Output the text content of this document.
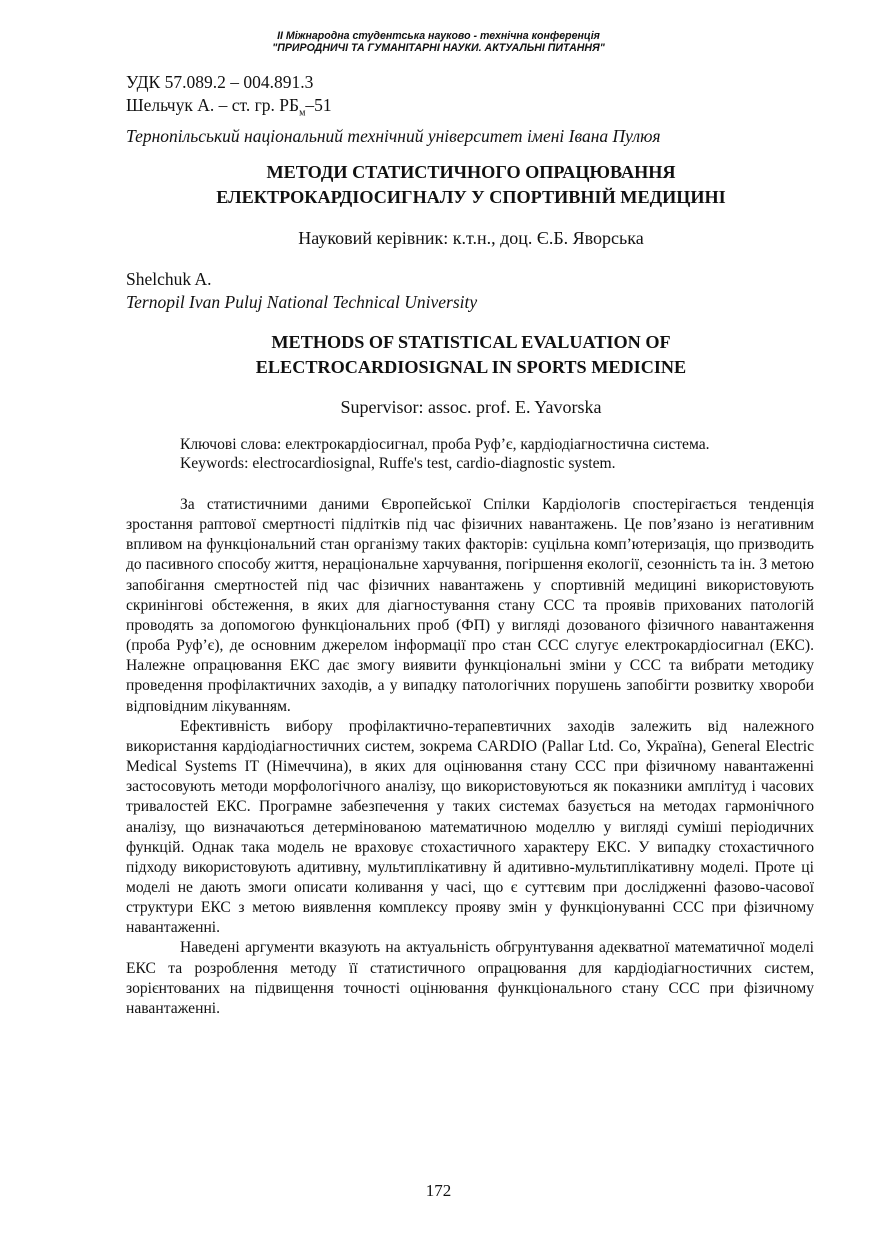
II Міжнародна студентська науково - технічна конференція
"ПРИРОДНИЧІ ТА ГУМАНІТАРНІ НАУКИ. АКТУАЛЬНІ ПИТАННЯ"
УДК 57.089.2 – 004.891.3
Шельчук А. – ст. гр. $РБ_м-51$
Тернопільський національний технічний університет імені Івана Пулюя
МЕТОДИ СТАТИСТИЧНОГО ОПРАЦЮВАННЯ
ЕЛЕКТРОКАРДІОСИГНАЛУ У СПОРТИВНІЙ МЕДИЦИНІ
Науковий керівник: к.т.н., доц. Є.Б. Яворська
Shelchuk A.
Ternopil Ivan Puluj National Technical University
METHODS OF STATISTICAL EVALUATION OF
ELECTROCARDIOSIGNAL IN SPORTS MEDICINE
Supervisor: assoc. prof. E. Yavorska
Ключові слова: електрокардіосигнал, проба Руф’є, кардіодіагностична система.
Keywords: electrocardiosignal, Ruffe's test, cardio-diagnostic system.

За статистичними даними Європейської Спілки Кардіологів спостерігається тенденція зростання раптової смертності підлітків під час фізичних навантажень. Це пов’язано із негативним впливом на функціональний стан організму таких факторів: суцільна комп’ютеризація, що призводить до пасивного способу життя, нераціональне харчування, погіршення екології, сезонність та ін. З метою запобігання смертностей під час фізичних навантажень у спортивній медицині використовують скринінгові обстеження, в яких для діагностування стану ССС та проявів прихованих патологій проводять за допомогою функціональних проб (ФП) у вигляді дозованого фізичного навантаження (проба Руф’є), де основним джерелом інформації про стан ССС слугує електрокардіосигнал (ЕКС). Належне опрацювання ЕКС дає змогу виявити функціональні зміни у ССС та вибрати методику проведення профілактичних заходів, а у випадку патологічних порушень запобігти розвитку хвороби відповідним лікуванням.

Ефективність вибору профілактично-терапевтичних заходів залежить від належного використання кардіодіагностичних систем, зокрема CARDIO (Pallar Ltd. Co, Україна), General Electric Medical Systems IT (Німеччина), в яких для оцінювання стану ССС при фізичному навантаженні застосовують методи морфологічного аналізу, що використовуються як показники амплітуд і часових тривалостей ЕКС. Програмне забезпечення у таких системах базується на методах гармонічного аналізу, що визначаються детермінованою математичною моделлю у вигляді суміші періодичних функцій. Однак така модель не враховує стохастичного характеру ЕКС. У випадку стохастичного підходу використовують адитивну, мультиплікативну й адитивно-мультиплікативну моделі. Проте ці моделі не дають змоги описати коливання у часі, що є суттєвим при дослідженні фазово-часової структури ЕКС з метою виявлення комплексу прояву змін у функціонуванні ССС при фізичному навантаженні.

Наведені аргументи вказують на актуальність обгрунтування адекватної математичної моделі ЕКС та розроблення методу її статистичного опрацювання для кардіодіагностичних систем, зорієнтованих на підвищення точності оцінювання функціонального стану ССС при фізичному навантаженні.

172
